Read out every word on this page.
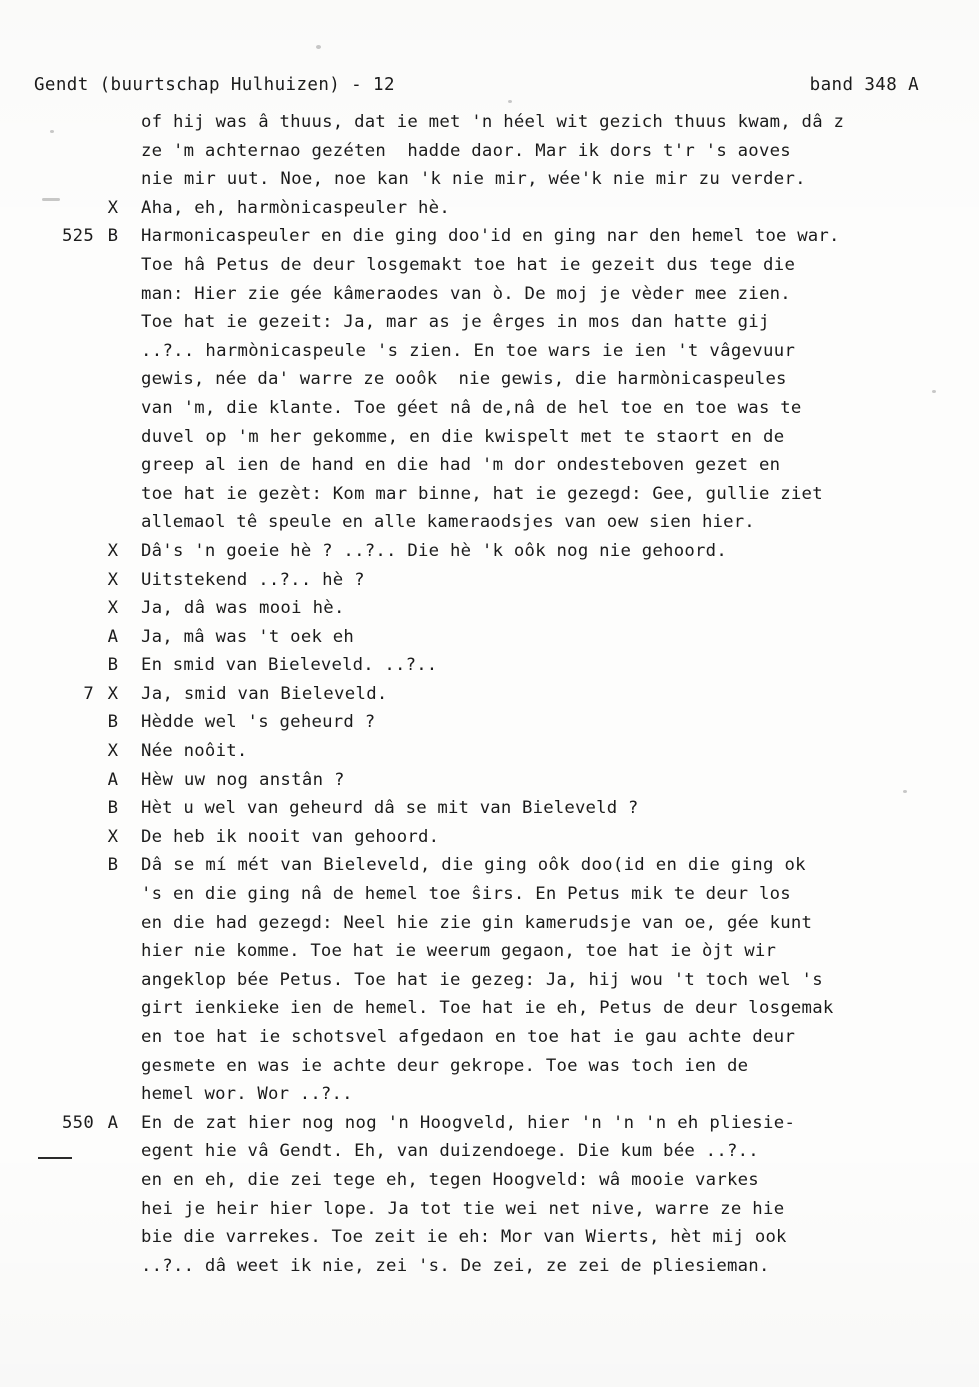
Gendt (buurtschap Hulhuizen) - 12	band 348 A
of hij was â thuus, dat ie met 'n héel wit gezich thuus kwam, dâ z
ze 'm achternao gezéten  hadde daor. Mar ik dors t'r 's aoves
nie mir uut. Noe, noe kan 'k nie mir, wée'k nie mir zu verder.
X	Aha, eh, harmònicaspeuler hè.
525 B	Harmonicaspeuler en die ging doo'id en ging nar den hemel toe war.
Toe hâ Petus de deur losgemakt toe hat ie gezeit dus tege die
man: Hier zie gée kâmeraodes van ò. De moj je vèder mee zien.
Toe hat ie gezeit: Ja, mar as je êrges in mos dan hatte gij
..?.. harmònicaspeule 's zien. En toe wars ie ien 't vâgevuur
gewis, née da' warre ze ooôk  nie gewis, die harmònicaspeules
van 'm, die klante. Toe géet nâ de,nâ de hel toe en toe was te
duvel op 'm her gekomme, en die kwispelt met te staort en de
greep al ien de hand en die had 'm dor ondesteboven gezet en
toe hat ie gezèt: Kom mar binne, hat ie gezegd: Gee, gullie ziet
allemaol tê speule en alle kameraodsjes van oew sien hier.
X	Dâ's 'n goeie hè ? ..?.. Die hè 'k oôk nog nie gehoord.
X	Uitstekend ..?.. hè ?
X	Ja, dâ was mooi hè.
A	Ja, mâ was 't oek eh
B	En smid van Bieleveld. ..?..
7 X	Ja, smid van Bieleveld.
B	Hèdde wel 's geheurd ?
X	Née noôit.
A	Hèw uw nog anstân ?
B	Hèt u wel van geheurd dâ se mit van Bieleveld ?
X	De heb ik nooit van gehoord.
B	Dâ se mí mét van Bieleveld, die ging oôk doo(id en die ging ok
's en die ging nâ de hemel toe ŝirs. En Petus mik te deur los
en die had gezegd: Neel hie zie gin kamerudsje van oe, gée kunt
hier nie komme. Toe hat ie weerum gegaon, toe hat ie òjt wir
angeklop bée Petus. Toe hat ie gezeg: Ja, hij wou 't toch wel 's
girt ienkieke ien de hemel. Toe hat ie eh, Petus de deur losgemak
en toe hat ie schotsvel afgedaon en toe hat ie gau achte deur
gesmete en was ie achte deur gekrope. Toe was toch ien de
hemel wor. Wor ..?..
550 A	En de zat hier nog nog 'n Hoogveld, hier 'n 'n 'n eh pliesie-
egent hie vâ Gendt. Eh, van duizendoege. Die kum bée ..?..
en en eh, die zei tege eh, tegen Hoogveld: wâ mooie varkes
hei je heir hier lope. Ja tot tie wei net nive, warre ze hie
bie die varrekes. Toe zeit ie eh: Mor van Wierts, hèt mij ook
..?.. dâ weet ik nie, zei 's. De zei, ze zei de pliesieman.
